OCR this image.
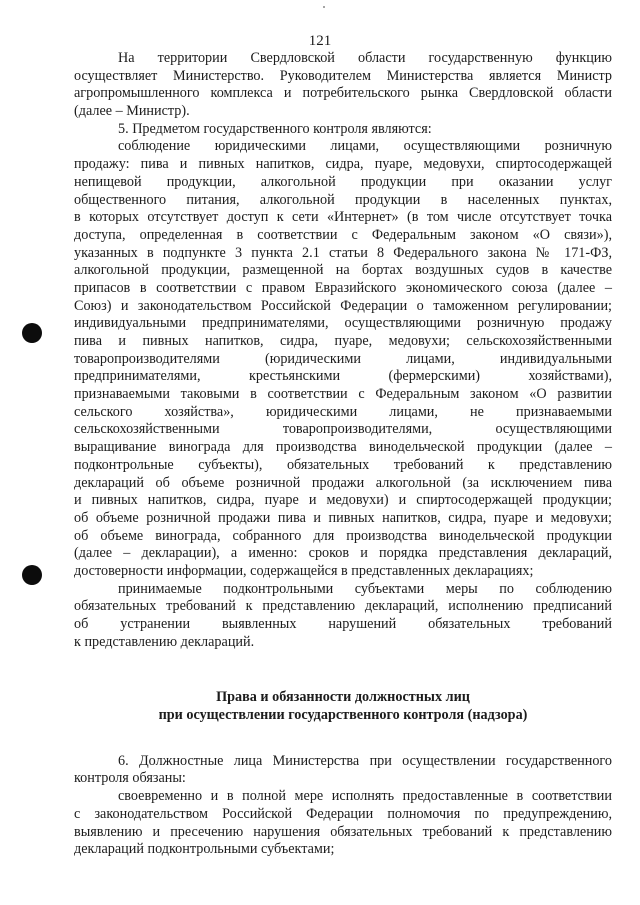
121
На территории Свердловской области государственную функцию
осуществляет Министерство. Руководителем Министерства является Министр
агропромышленного комплекса и потребительского рынка Свердловской области
(далее – Министр).
5. Предметом государственного контроля являются:
соблюдение юридическими лицами, осуществляющими розничную
продажу: пива и пивных напитков, сидра, пуаре, медовухи, спиртосодержащей
непищевой продукции, алкогольной продукции при оказании услуг
общественного питания, алкогольной продукции в населенных пунктах,
в которых отсутствует доступ к сети «Интернет» (в том числе отсутствует точка
доступа, определенная в соответствии с Федеральным законом «О связи»),
указанных в подпункте 3 пункта 2.1 статьи 8 Федерального закона № 171-ФЗ,
алкогольной продукции, размещенной на бортах воздушных судов в качестве
припасов в соответствии с правом Евразийского экономического союза (далее –
Союз) и законодательством Российской Федерации о таможенном регулировании;
индивидуальными предпринимателями, осуществляющими розничную продажу
пива и пивных напитков, сидра, пуаре, медовухи; сельскохозяйственными
товаропроизводителями (юридическими лицами, индивидуальными
предпринимателями, крестьянскими (фермерскими) хозяйствами),
признаваемыми таковыми в соответствии с Федеральным законом «О развитии
сельского хозяйства», юридическими лицами, не признаваемыми
сельскохозяйственными товаропроизводителями, осуществляющими
выращивание винограда для производства винодельческой продукции (далее –
подконтрольные субъекты), обязательных требований к представлению
деклараций об объеме розничной продажи алкогольной (за исключением пива
и пивных напитков, сидра, пуаре и медовухи) и спиртосодержащей продукции;
об объеме розничной продажи пива и пивных напитков, сидра, пуаре и медовухи;
об объеме винограда, собранного для производства винодельческой продукции
(далее – декларации), а именно: сроков и порядка представления деклараций,
достоверности информации, содержащейся в представленных декларациях;
принимаемые подконтрольными субъектами меры по соблюдению
обязательных требований к представлению деклараций, исполнению предписаний
об устранении выявленных нарушений обязательных требований
к представлению деклараций.
Права и обязанности должностных лиц
при осуществлении государственного контроля (надзора)
6. Должностные лица Министерства при осуществлении государственного
контроля обязаны:
своевременно и в полной мере исполнять предоставленные в соответствии
с законодательством Российской Федерации полномочия по предупреждению,
выявлению и пресечению нарушения обязательных требований к представлению
деклараций подконтрольными субъектами;
